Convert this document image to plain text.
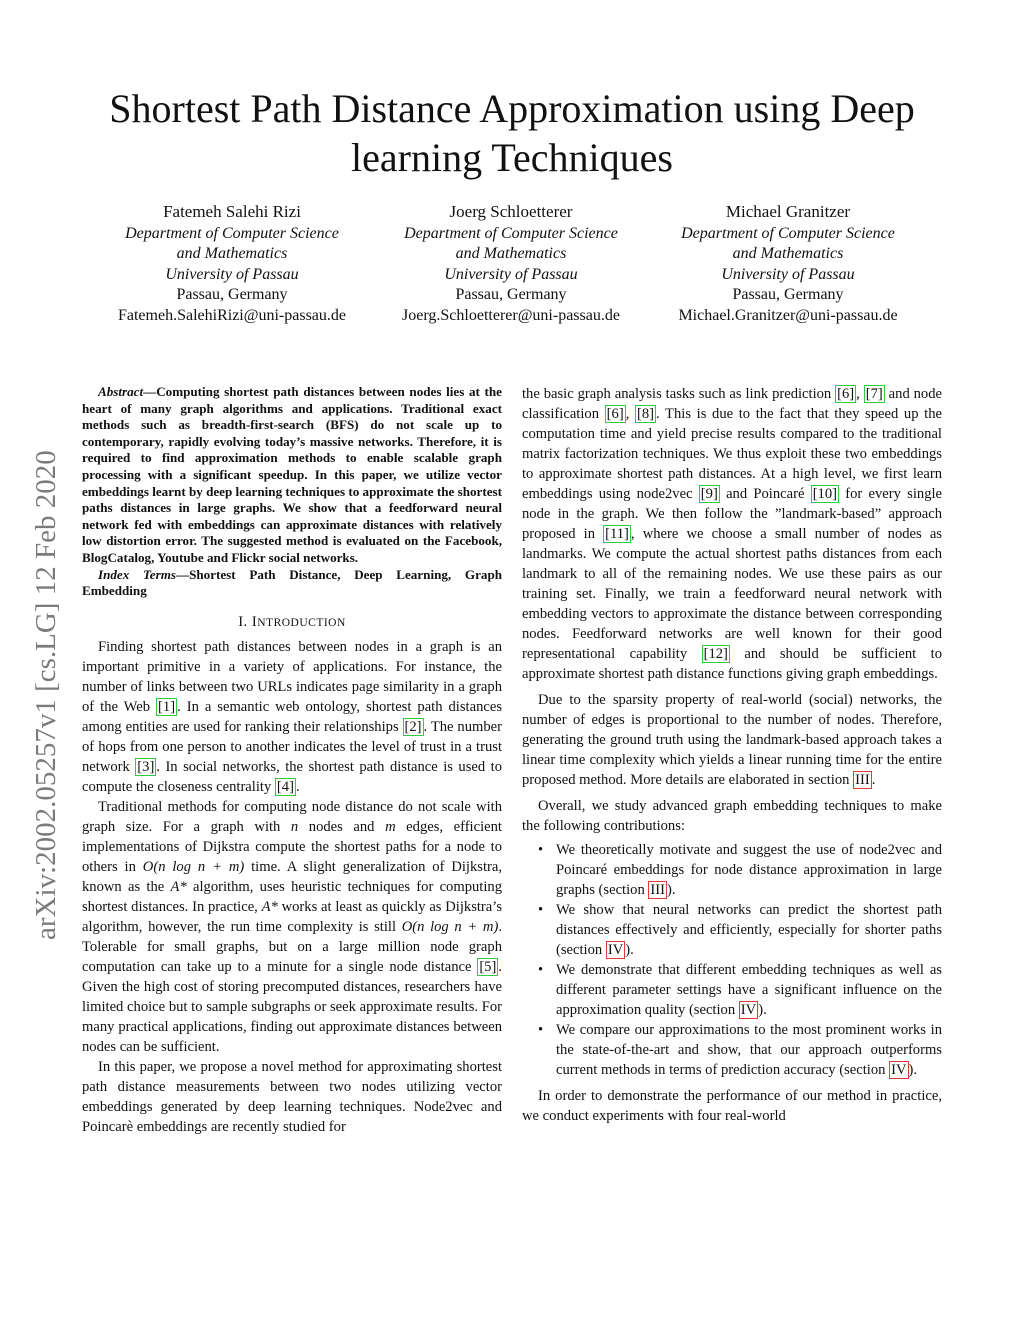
Shortest Path Distance Approximation using Deep learning Techniques
Fatemeh Salehi Rizi
Department of Computer Science
and Mathematics
University of Passau
Passau, Germany
Fatemeh.SalehiRizi@uni-passau.de
Joerg Schloetterer
Department of Computer Science
and Mathematics
University of Passau
Passau, Germany
Joerg.Schloetterer@uni-passau.de
Michael Granitzer
Department of Computer Science
and Mathematics
University of Passau
Passau, Germany
Michael.Granitzer@uni-passau.de
arXiv:2002.05257v1 [cs.LG] 12 Feb 2020

Abstract—Computing shortest path distances between nodes lies at the heart of many graph algorithms and applications. Traditional exact methods such as breadth-first-search (BFS) do not scale up to contemporary, rapidly evolving today’s massive networks. Therefore, it is required to find approximation methods to enable scalable graph processing with a significant speedup. In this paper, we utilize vector embeddings learnt by deep learning techniques to approximate the shortest paths distances in large graphs. We show that a feedforward neural network fed with embeddings can approximate distances with relatively low distortion error. The suggested method is evaluated on the Facebook, BlogCatalog, Youtube and Flickr social networks.

Index Terms—Shortest Path Distance, Deep Learning, Graph Embedding

I. INTRODUCTION

Finding shortest path distances between nodes in a graph is an important primitive in a variety of applications. For instance, the number of links between two URLs indicates page similarity in a graph of the Web [1] . In a semantic web ontology, shortest path distances among entities are used for ranking their relationships [2] . The number of hops from one person to another indicates the level of trust in a trust network [3] . In social networks, the shortest path distance is used to compute the closeness centrality [4] .

Traditional methods for computing node distance do not scale with graph size. For a graph with n nodes and m edges, efficient implementations of Dijkstra compute the shortest paths for a node to others in O(n log n + m) time. A slight generalization of Dijkstra, known as the A* algorithm, uses heuristic techniques for computing shortest distances. In practice, A* works at least as quickly as Dijkstra’s algorithm, however, the run time complexity is still O(n log n + m). Tolerable for small graphs, but on a large million node graph computation can take up to a minute for a single node distance [5] . Given the high cost of storing precomputed distances, researchers have limited choice but to sample subgraphs or seek approximate results. For many practical applications, finding out approximate distances between nodes can be sufficient.

In this paper, we propose a novel method for approximating shortest path distance measurements between two nodes utilizing vector embeddings generated by deep learning techniques. Node2vec and Poincarè embeddings are recently studied for

the basic graph analysis tasks such as link prediction [6] , [7] and node classification [6] , [8] . This is due to the fact that they speed up the computation time and yield precise results compared to the traditional matrix factorization techniques. We thus exploit these two embeddings to approximate shortest path distances. At a high level, we first learn embeddings using node2vec [9] and Poincaré [10] for every single node in the graph. We then follow the ”landmark-based” approach proposed in [11] , where we choose a small number of nodes as landmarks. We compute the actual shortest paths distances from each landmark to all of the remaining nodes. We use these pairs as our training set. Finally, we train a feedforward neural network with embedding vectors to approximate the distance between corresponding nodes. Feedforward networks are well known for their good representational capability [12] and should be sufficient to approximate shortest path distance functions giving graph embeddings.

Due to the sparsity property of real-world (social) networks, the number of edges is proportional to the number of nodes. Therefore, generating the ground truth using the landmark-based approach takes a linear time complexity which yields a linear running time for the entire proposed method. More details are elaborated in section III .

Overall, we study advanced graph embedding techniques to make the following contributions:

• We theoretically motivate and suggest the use of node2vec and Poincaré embeddings for node distance approximation in large graphs (section III ).
• We show that neural networks can predict the shortest path distances effectively and efficiently, especially for shorter paths (section IV ).
• We demonstrate that different embedding techniques as well as different parameter settings have a significant influence on the approximation quality (section IV ).
• We compare our approximations to the most prominent works in the state-of-the-art and show, that our approach outperforms current methods in terms of prediction accuracy (section IV ).

In order to demonstrate the performance of our method in practice, we conduct experiments with four real-world
